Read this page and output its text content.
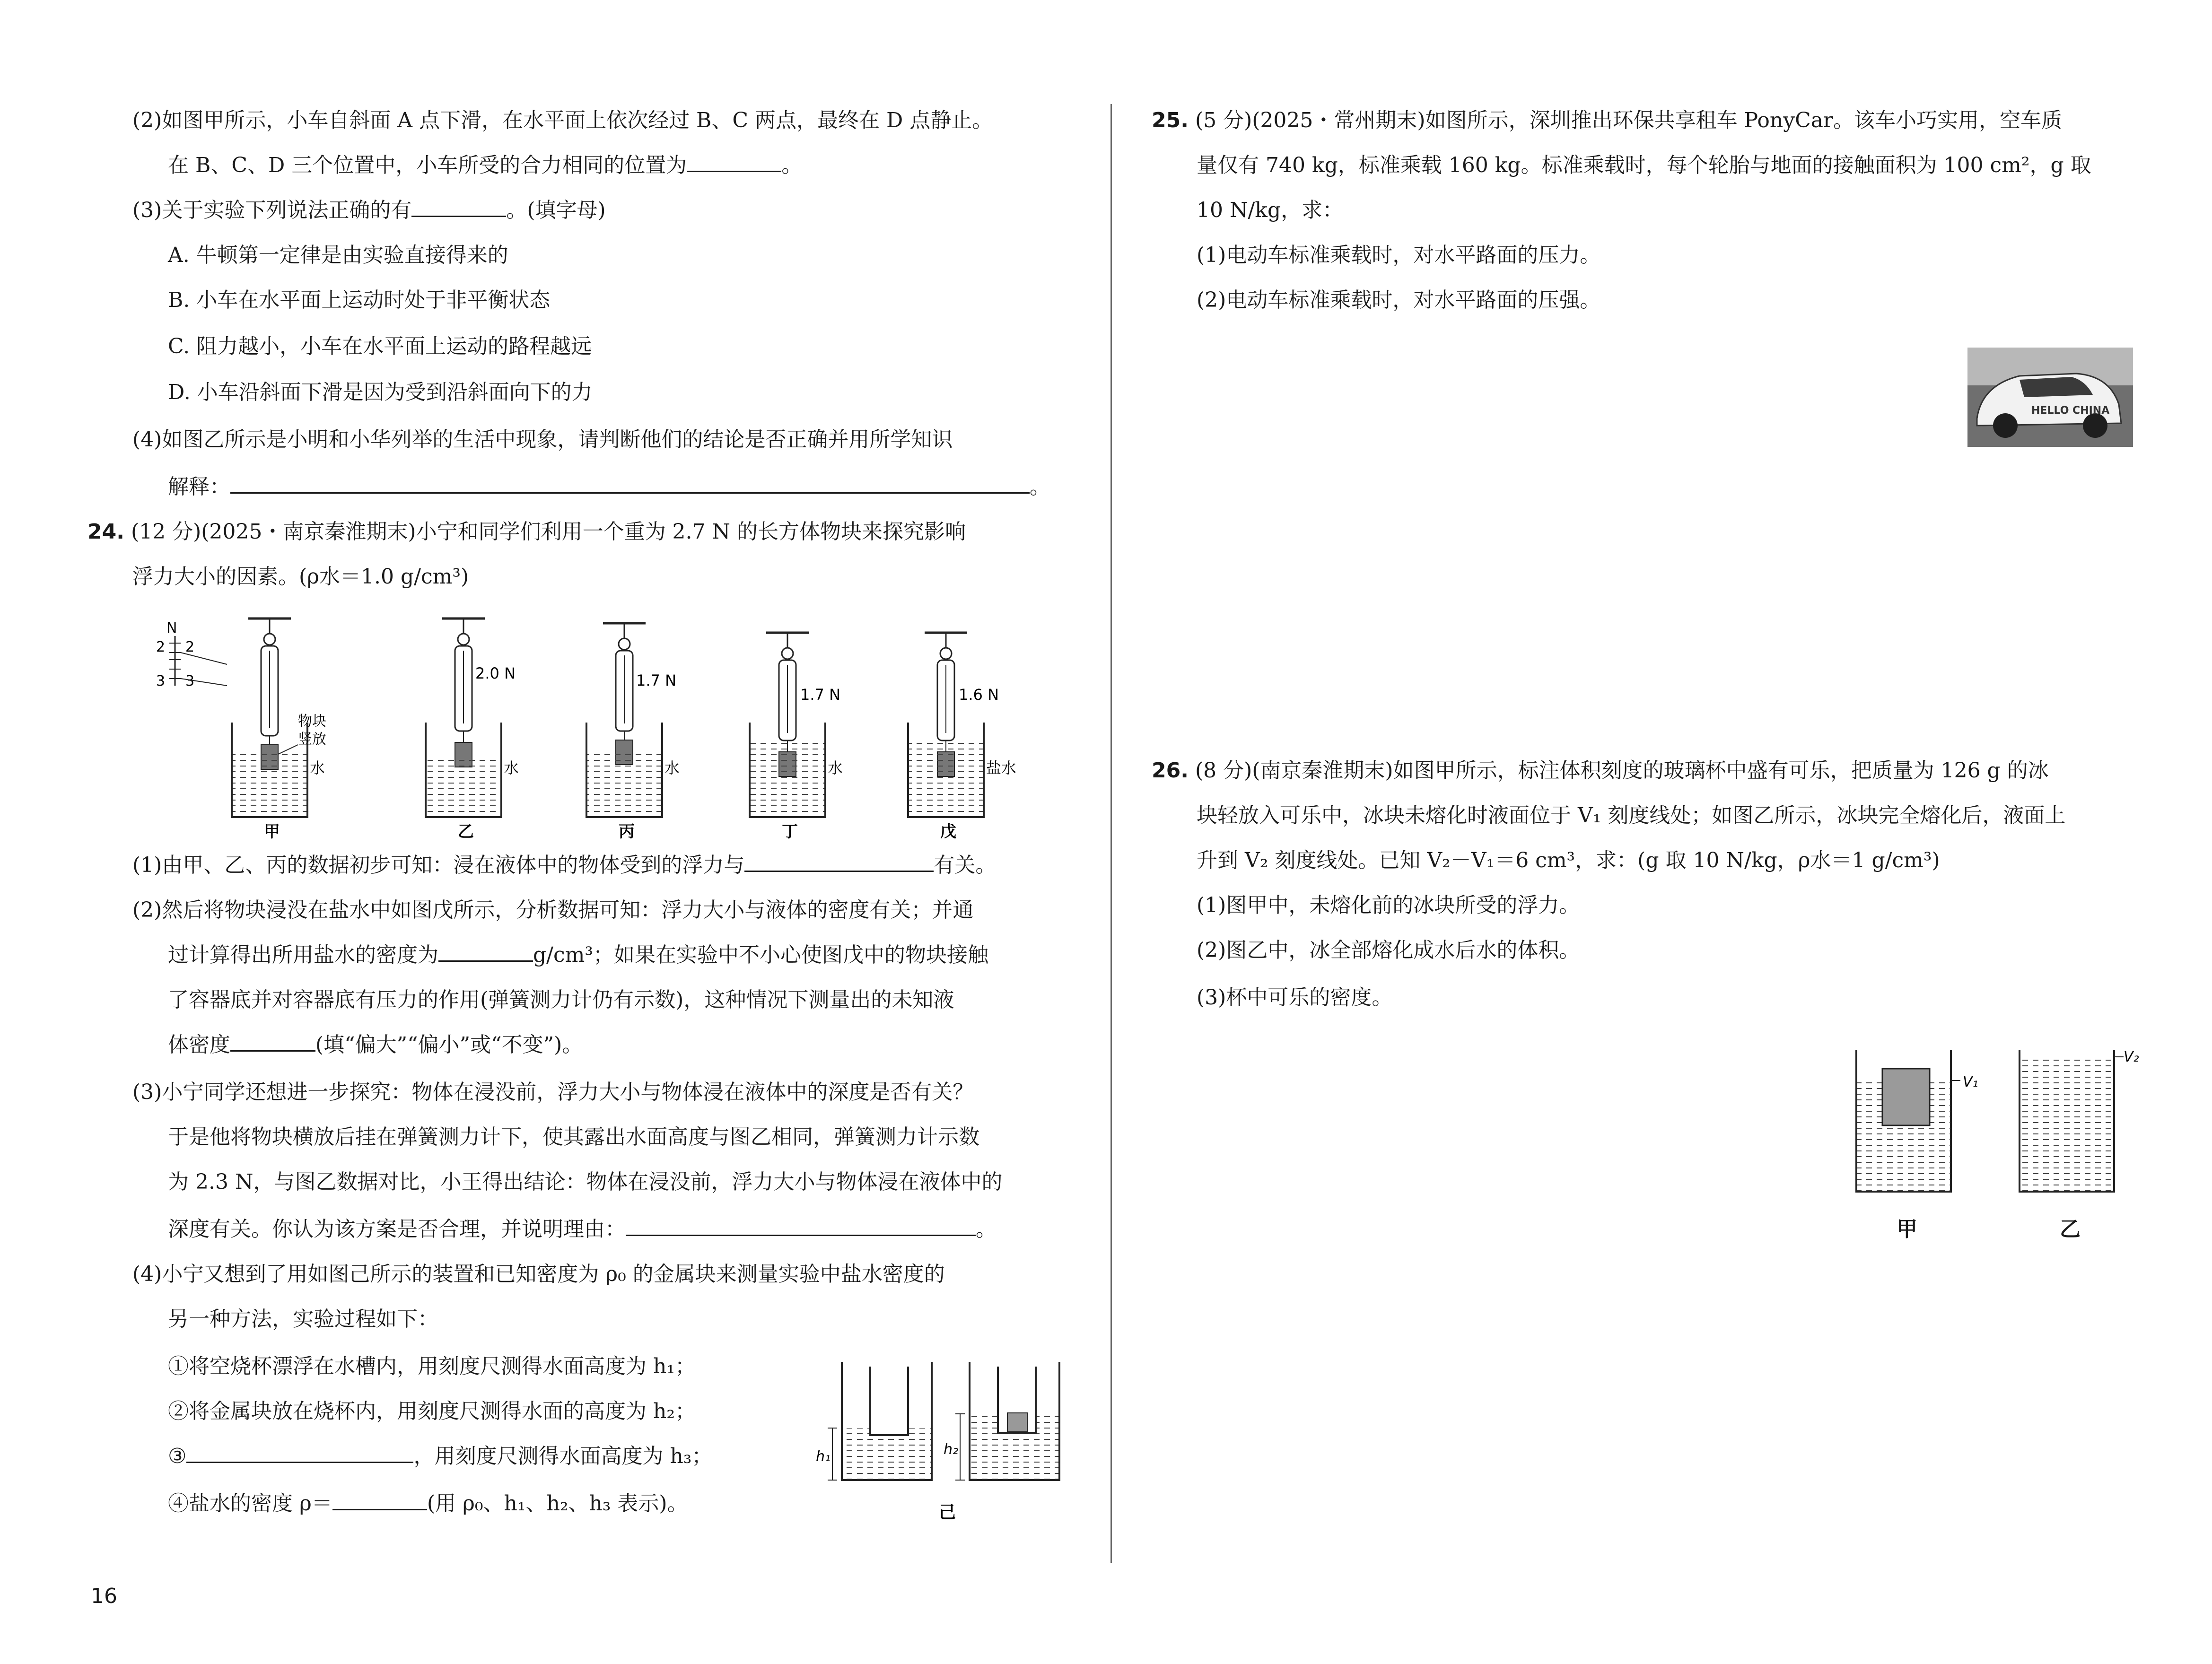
(2)如图甲所示，小车自斜面 A 点下滑，在水平面上依次经过 B、C 两点，最终在 D 点静止。
在 B、C、D 三个位置中，小车所受的合力相同的位置为	。
(3)关于实验下列说法正确的有	。(填字母)
A. 牛顿第一定律是由实验直接得来的
B. 小车在水平面上运动时处于非平衡状态
C. 阻力越小，小车在水平面上运动的路程越远
D. 小车沿斜面下滑是因为受到沿斜面向下的力
(4)如图乙所示是小明和小华列举的生活中现象，请判断他们的结论是否正确并用所学知识
解释：	。
24. (12 分)(2025・南京秦淮期末)小宁和同学们利用一个重为 2.7 N 的长方体物块来探究影响
浮力大小的因素。(ρ水＝1.0 g/cm³)
N
2 2
3 3
物块
竖放
水
甲
2.0 N
水
乙
1.7 N
水
丙
1.7 N
水
丁
1.6 N
盐水
戊
(1)由甲、乙、丙的数据初步可知：浸在液体中的物体受到的浮力与	有关。
(2)然后将物块浸没在盐水中如图戊所示，分析数据可知：浮力大小与液体的密度有关；并通
过计算得出所用盐水的密度为	g/cm³；如果在实验中不小心使图戊中的物块接触
了容器底并对容器底有压力的作用(弹簧测力计仍有示数)，这种情况下测量出的未知液
体密度	(填“偏大”“偏小”或“不变”)。
(3)小宁同学还想进一步探究：物体在浸没前，浮力大小与物体浸在液体中的深度是否有关？
于是他将物块横放后挂在弹簧测力计下，使其露出水面高度与图乙相同，弹簧测力计示数
为 2.3 N，与图乙数据对比，小王得出结论：物体在浸没前，浮力大小与物体浸在液体中的
深度有关。你认为该方案是否合理，并说明理由：	。
(4)小宁又想到了用如图己所示的装置和已知密度为 ρ₀ 的金属块来测量实验中盐水密度的
另一种方法，实验过程如下：
①将空烧杯漂浮在水槽内，用刻度尺测得水面高度为 h₁；
②将金属块放在烧杯内，用刻度尺测得水面的高度为 h₂；
③	，用刻度尺测得水面高度为 h₃；
④盐水的密度 ρ＝	(用 ρ₀、h₁、h₂、h₃ 表示)。
h₁	h₂
己
25. (5 分)(2025・常州期末)如图所示，深圳推出环保共享租车 PonyCar。该车小巧实用，空车质
量仅有 740 kg，标准乘载 160 kg。标准乘载时，每个轮胎与地面的接触面积为 100 cm²，g 取
10 N/kg，求：
(1)电动车标准乘载时，对水平路面的压力。
(2)电动车标准乘载时，对水平路面的压强。
HELLO CHINA
26. (8 分)(南京秦淮期末)如图甲所示，标注体积刻度的玻璃杯中盛有可乐，把质量为 126 g 的冰
块轻放入可乐中，冰块未熔化时液面位于 V₁ 刻度线处；如图乙所示，冰块完全熔化后，液面上
升到 V₂ 刻度线处。已知 V₂－V₁＝6 cm³，求：(g 取 10 N/kg，ρ水＝1 g/cm³)
(1)图甲中，未熔化前的冰块所受的浮力。
(2)图乙中，冰全部熔化成水后水的体积。
(3)杯中可乐的密度。
V₁
V₂
甲	乙
16
